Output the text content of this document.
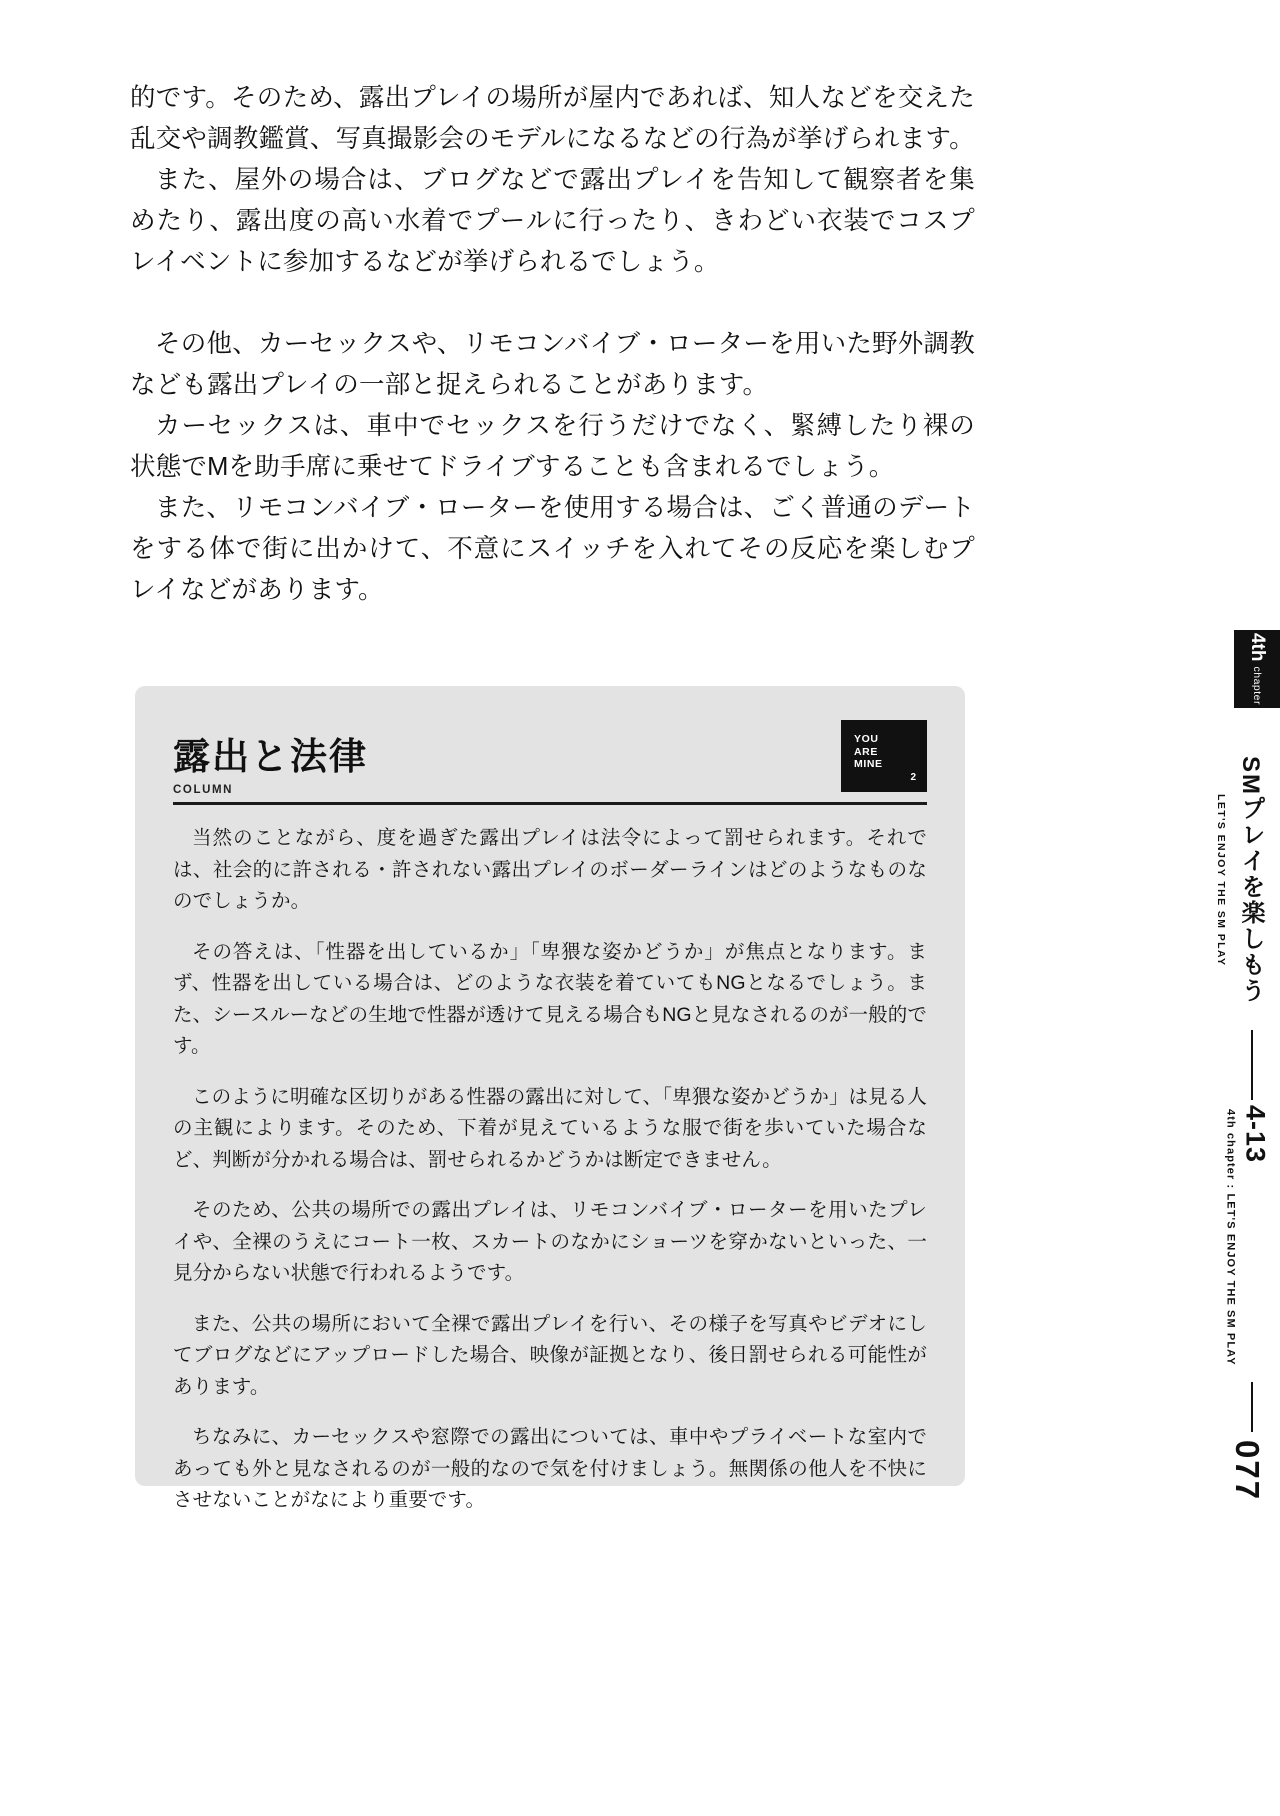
的です。そのため、露出プレイの場所が屋内であれば、知人などを交えた乱交や調教鑑賞、写真撮影会のモデルになるなどの行為が挙げられます。

また、屋外の場合は、ブログなどで露出プレイを告知して観察者を集めたり、露出度の高い水着でプールに行ったり、きわどい衣装でコスプレイベントに参加するなどが挙げられるでしょう。

その他、カーセックスや、リモコンバイブ・ローターを用いた野外調教なども露出プレイの一部と捉えられることがあります。

カーセックスは、車中でセックスを行うだけでなく、緊縛したり裸の状態でMを助手席に乗せてドライブすることも含まれるでしょう。

また、リモコンバイブ・ローターを使用する場合は、ごく普通のデートをする体で街に出かけて、不意にスイッチを入れてその反応を楽しむプレイなどがあります。

露出と法律
COLUMN
YOU
ARE
MINE
2

当然のことながら、度を過ぎた露出プレイは法令によって罰せられます。それでは、社会的に許される・許されない露出プレイのボーダーラインはどのようなものなのでしょうか。

その答えは、「性器を出しているか」「卑猥な姿かどうか」が焦点となります。まず、性器を出している場合は、どのような衣装を着ていてもNGとなるでしょう。また、シースルーなどの生地で性器が透けて見える場合もNGと見なされるのが一般的です。

このように明確な区切りがある性器の露出に対して、「卑猥な姿かどうか」は見る人の主観によります。そのため、下着が見えているような服で街を歩いていた場合など、判断が分かれる場合は、罰せられるかどうかは断定できません。

そのため、公共の場所での露出プレイは、リモコンバイブ・ローターを用いたプレイや、全裸のうえにコート一枚、スカートのなかにショーツを穿かないといった、一見分からない状態で行われるようです。

また、公共の場所において全裸で露出プレイを行い、その様子を写真やビデオにしてブログなどにアップロードした場合、映像が証拠となり、後日罰せられる可能性があります。

ちなみに、カーセックスや窓際での露出については、車中やプライベートな室内であっても外と見なされるのが一般的なので気を付けましょう。無関係の他人を不快にさせないことがなにより重要です。

4th
chapter
SMプレイを楽しもう
LET'S ENJOY THE SM PLAY
4-13
4th chapter : LET'S ENJOY THE SM PLAY
077
